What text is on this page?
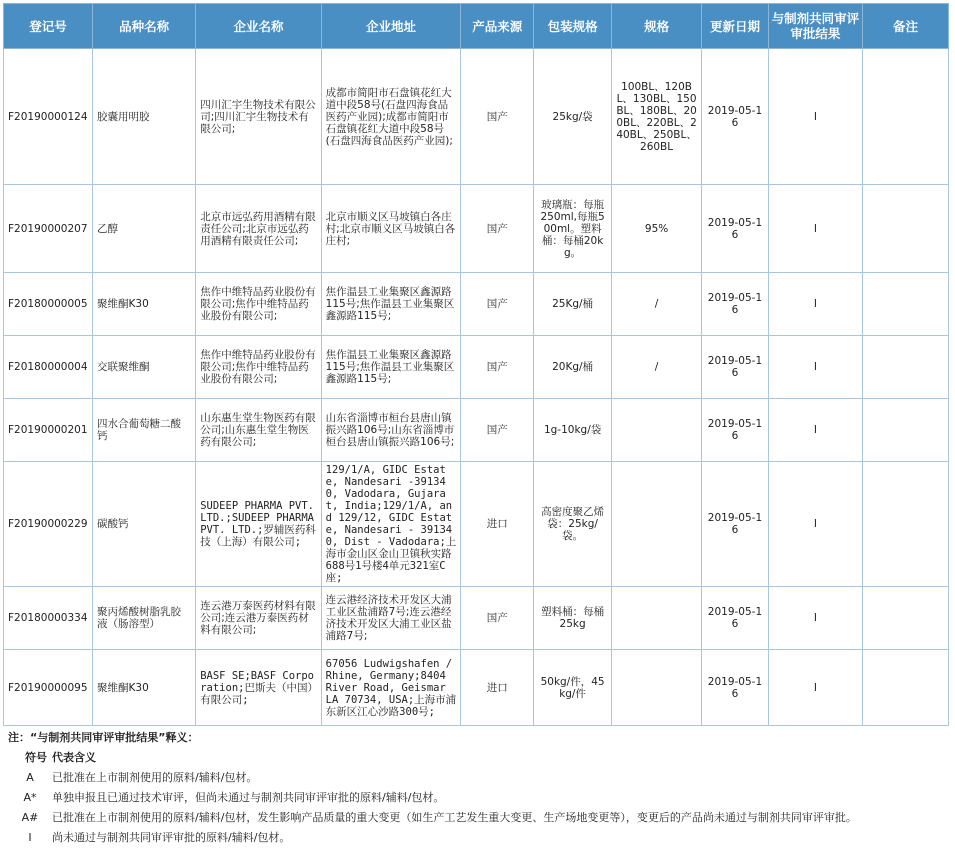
登记号	品种名称	企业名称	企业地址	产品来源	包装规格	规格	更新日期	与制剂共同审评审批结果	备注
F20190000124	胶囊用明胶	四川汇宇生物技术有限公司;四川汇宇生物技术有限公司;	成都市简阳市石盘镇花红大道中段58号(石盘四海食品医药产业园);成都市简阳市石盘镇花红大道中段58号(石盘四海食品医药产业园);	国产	25kg/袋	100BL、120BL、130BL、150BL、180BL、200BL、220BL、240BL、250BL、260BL	2019-05-16	I	
F20190000207	乙醇	北京市远弘药用酒精有限责任公司;北京市远弘药用酒精有限责任公司;	北京市顺义区马坡镇白各庄村;北京市顺义区马坡镇白各庄村;	国产	玻璃瓶：每瓶250ml,每瓶500ml。塑料桶：每桶20kg。	95%	2019-05-16	I	
F20180000005	聚维酮K30	焦作中维特品药业股份有限公司;焦作中维特品药业股份有限公司;	焦作温县工业集聚区鑫源路115号;焦作温县工业集聚区鑫源路115号;	国产	25Kg/桶	/	2019-05-16	I	
F20180000004	交联聚维酮	焦作中维特品药业股份有限公司;焦作中维特品药业股份有限公司;	焦作温县工业集聚区鑫源路115号;焦作温县工业集聚区鑫源路115号;	国产	20Kg/桶	/	2019-05-16	I	
F20190000201	四水合葡萄糖二酸钙	山东惠生堂生物医药有限公司;山东惠生堂生物医药有限公司;	山东省淄博市桓台县唐山镇振兴路106号;山东省淄博市桓台县唐山镇振兴路106号;	国产	1g-10kg/袋		2019-05-16	I	
F20190000229	碳酸钙	SUDEEP PHARMA PVT. LTD.;SUDEEP PHARMA PVT. LTD.;罗辅医药科技（上海）有限公司;	129/1/A, GIDC Estate, Nandesari -391340, Vadodara, Gujarat, India;129/1/A, and 129/12, GIDC Estate, Nandesari - 391340, Dist - Vadodara;上海市金山区金山卫镇秋实路688号1号楼4单元321室C座;	进口	高密度聚乙烯袋：25kg/袋。		2019-05-16	I	
F20180000334	聚丙烯酸树脂乳胶液（肠溶型）	连云港万泰医药材料有限公司;连云港万泰医药材料有限公司;	连云港经济技术开发区大浦工业区盐浦路7号;连云港经济技术开发区大浦工业区盐浦路7号;	国产	塑料桶：每桶25kg		2019-05-16	I	
F20190000095	聚维酮K30	BASF SE;BASF Corporation;巴斯夫（中国）有限公司;	67056 Ludwigshafen / Rhine, Germany;8404 River Road, Geismar LA 70734, USA;上海市浦东新区江心沙路300号;	进口	50kg/件，45kg/件		2019-05-16	I	
注：“与制剂共同审评审批结果”释义：
符号 代表含义
A	已批准在上市制剂使用的原料/辅料/包材。
A*	单独申报且已通过技术审评，但尚未通过与制剂共同审评审批的原料/辅料/包材。
A#	已批准在上市制剂使用的原料/辅料/包材，发生影响产品质量的重大变更（如生产工艺发生重大变更、生产场地变更等），变更后的产品尚未通过与制剂共同审评审批。
I	尚未通过与制剂共同审评审批的原料/辅料/包材。
